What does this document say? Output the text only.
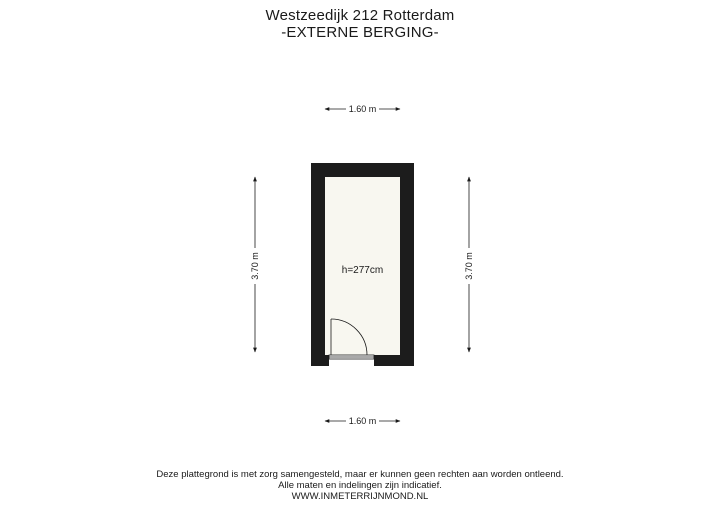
Westzeedijk 212 Rotterdam
-EXTERNE BERGING-
h=277cm
1.60 m
1.60 m
3.70 m	3.70 m
Deze plattegrond is met zorg samengesteld, maar er kunnen geen rechten aan worden ontleend.
Alle maten en indelingen zijn indicatief.
WWW.INMETERRIJNMOND.NL
